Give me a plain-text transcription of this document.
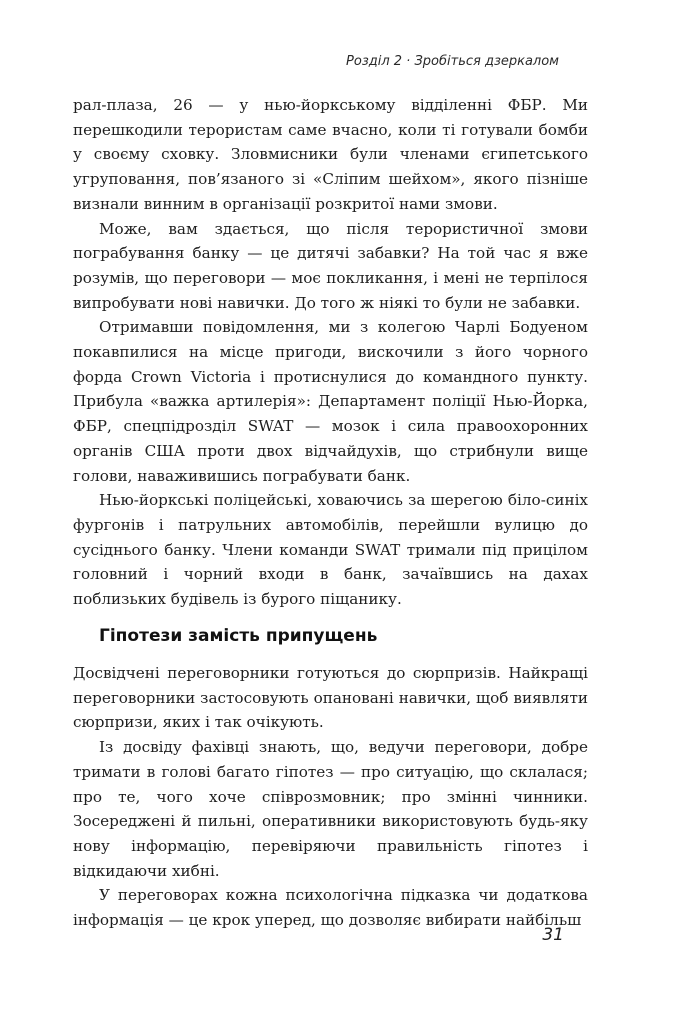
Розділ 2 · Зробіться дзеркалом

рал-плаза, 26 — у нью-йоркському відділенні ФБР. Ми перешкодили терористам саме вчасно, коли ті готували бомби у своєму сховку. Зловмисники були членами єгипетського угруповання, пов’язаного зі «Сліпим шейхом», якого пізніше визнали винним в організації розкритої нами змови.

Може, вам здається, що після терористичної змови пограбування банку — це дитячі забавки? На той час я вже розумів, що переговори — моє покликання, і мені не терпілося випробувати нові навички. До того ж ніякі то були не забавки.

Отримавши повідомлення, ми з колегою Чарлі Бодуеном покавпилися на місце пригоди, вискочили з його чорного форда Crown Victoria і протиснулися до командного пункту. Прибула «важка артилерія»: Департамент поліції Нью-Йорка, ФБР, спецпідрозділ SWAT — мозок і сила правоохоронних органів США проти двох відчайдухів, що стрибнули вище голови, наваживишись пограбувати банк.

Нью-йоркські поліцейські, ховаючись за шерегою біло-синіх фургонів і патрульних автомобілів, перейшли вулицю до сусіднього банку. Члени команди SWAT тримали під прицілом головний і чорний входи в банк, зачаївшись на дахах поблизьких будівель із бурого піщанику.

Гіпотези замість припущень

Досвідчені переговорники готуються до сюрпризів. Найкращі переговорники застосовують опановані навички, щоб виявляти сюрпризи, яких і так очікують.

Із досвіду фахівці знають, що, ведучи переговори, добре тримати в голові багато гіпотез — про ситуацію, що склалася; про те, чого хоче співрозмовник; про змінні чинники. Зосереджені й пильні, оперативники використовують будь-яку нову інформацію, перевіряючи правильність гіпотез і відкидаючи хибні.

У переговорах кожна психологічна підказка чи додаткова інформація — це крок уперед, що дозволяє вибирати найбільш

31
